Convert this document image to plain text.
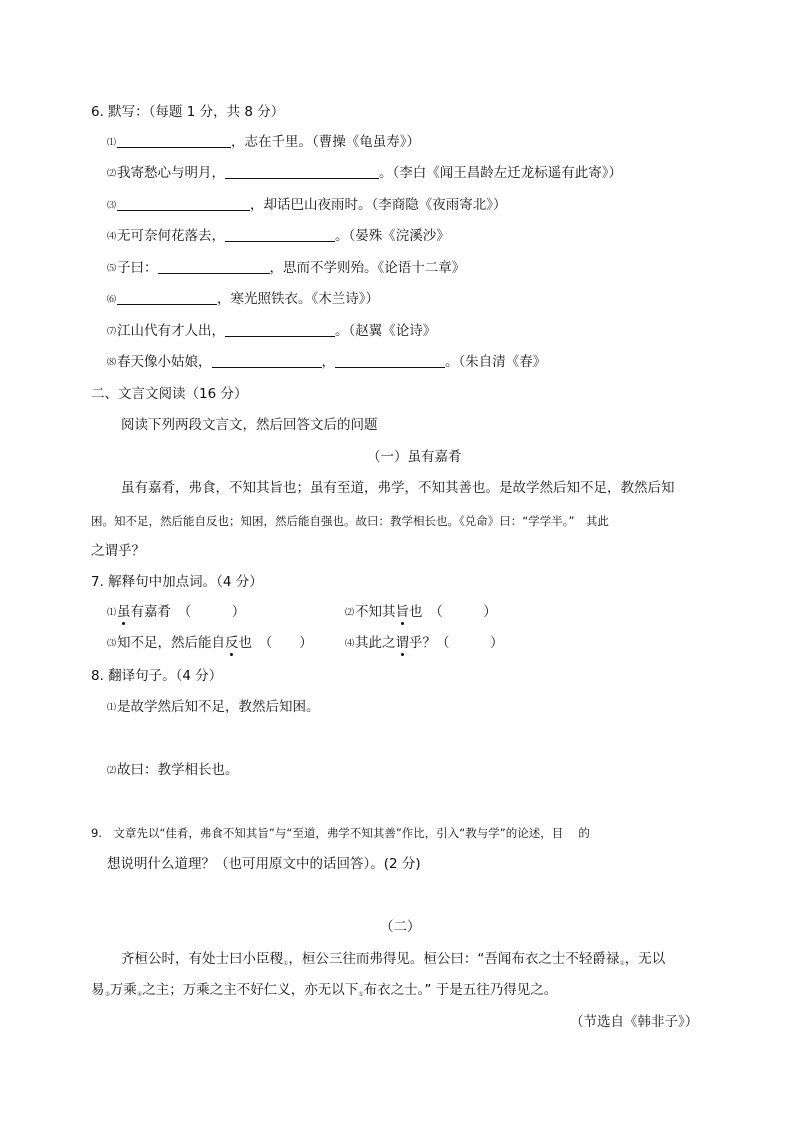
6. 默写：（每题 1 分，共 8 分）
⑴	，志在千里。（曹操《龟虽寿》）
⑵我寄愁心与明月，	。（李白《闻王昌龄左迁龙标遥有此寄》）
⑶	，却话巴山夜雨时。（李商隐《夜雨寄北》）
⑷无可奈何花落去，	。（晏殊《浣溪沙》
⑸子曰：	，思而不学则殆。《论语十二章》
⑹	，寒光照铁衣。《木兰诗》）
⑺江山代有才人出，	。（赵翼《论诗》
⑻春天像小姑娘，	，	。（朱自清《春》
二、文言文阅读（16 分）
阅读下列两段文言文，然后回答文后的问题
（一）虽有嘉肴
虽有嘉肴，弗食，不知其旨也；虽有至道，弗学，不知其善也。是故学然后知不足，教然后知
困。知不足，然后能自反也；知困，然后能自强也。故曰：教学相长也。《兑命》曰：“学学半。”　其此
之谓乎？
7. 解释句中加点词。（4 分）
⑴虽有嘉肴　（　　　）	⑵不知其旨也　（　　　）
⑶知不足，然后能自反也　（　　）	⑷其此之谓乎？（　　　）
8. 翻译句子。（4 分）
⑴是故学然后知不足，教然后知困。
⑵故曰：教学相长也。
9.　文章先以“佳肴，弗食不知其旨”与“至道，弗学不知其善”作比，引入“教与学”的论述，目　 的
想说明什么道理？（也可用原文中的话回答）。(2 分)
（二）
齐桓公时，有处士曰小臣稷$_①$，桓公三往而弗得见。桓公曰：“吾闻布衣之士不轻爵禄$_②$，无以
易$_③$万乘$_④$之主；万乘之主不好仁义，亦无以下$_⑤$布衣之士。” 于是五往乃得见之。
（节选自《韩非子》）
